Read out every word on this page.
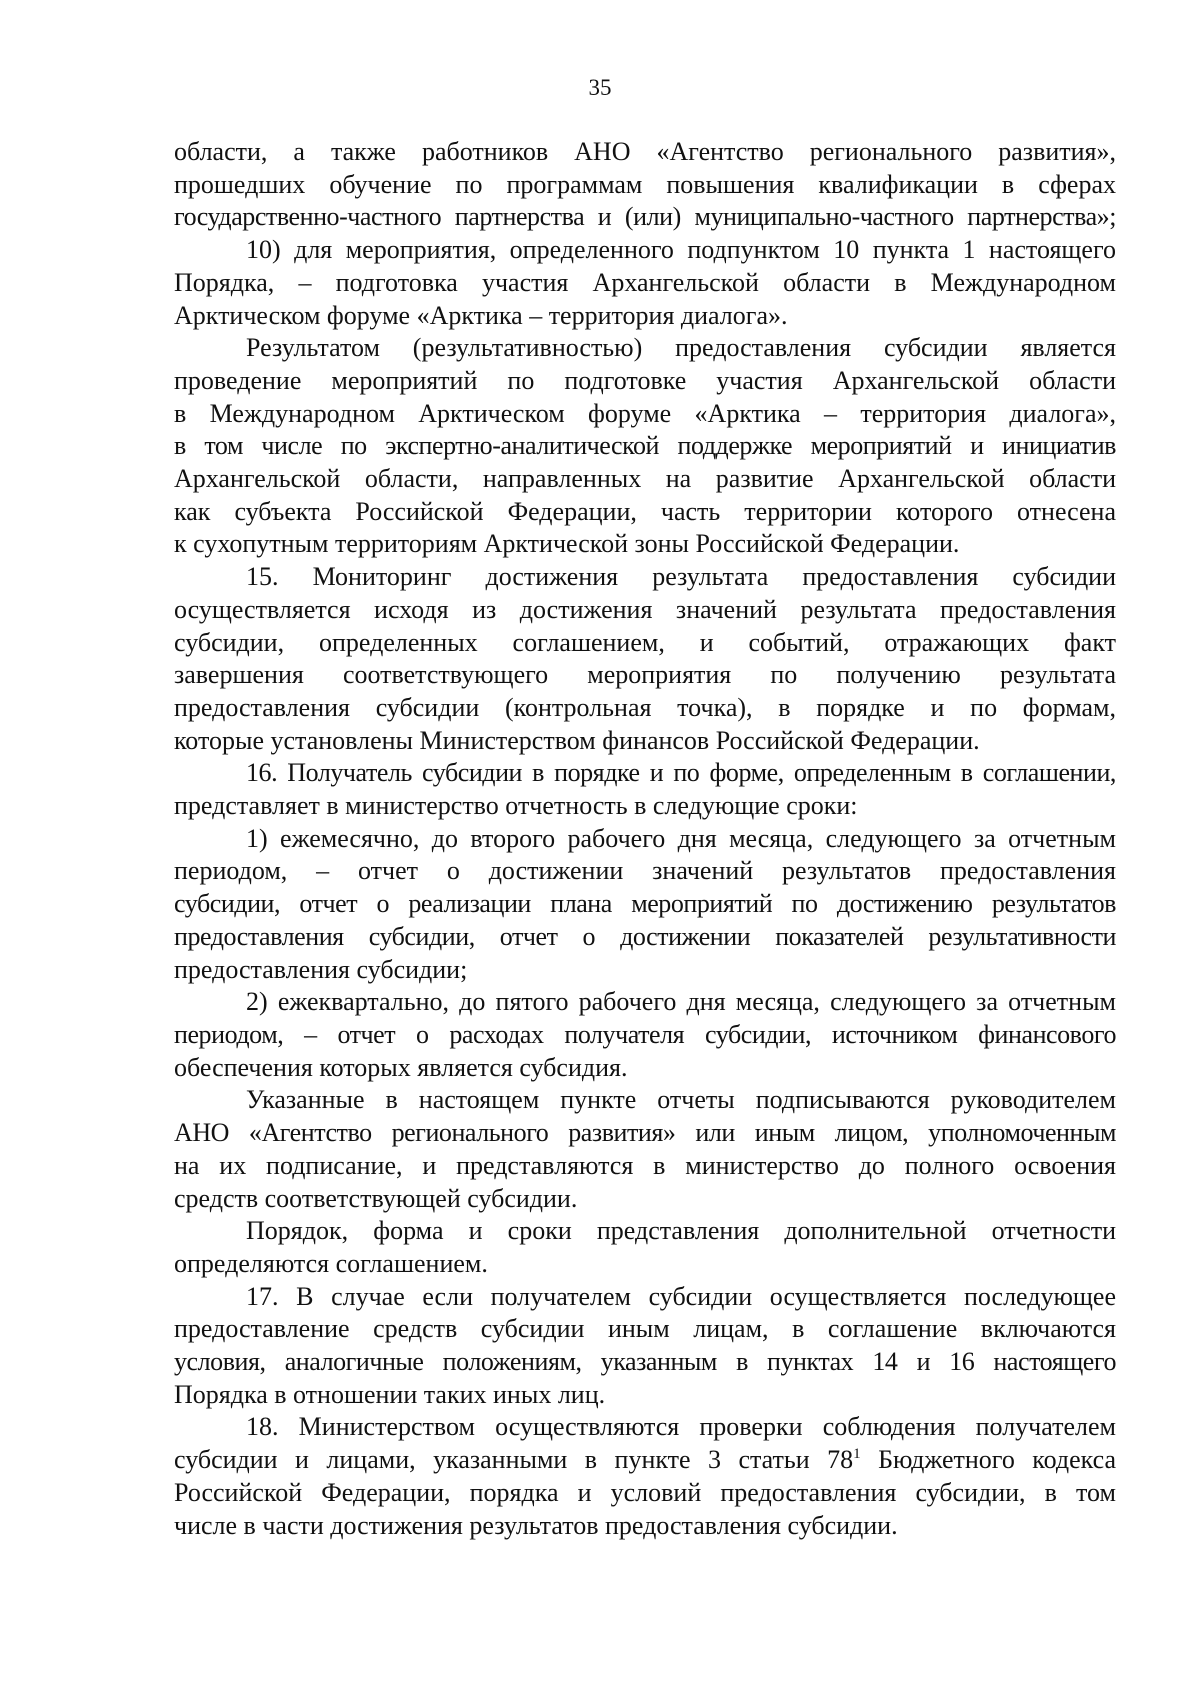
35
области, а также работников АНО «Агентство регионального развития»,
прошедших обучение по программам повышения квалификации в сферах
государственно-частного партнерства и (или) муниципально-частного партнерства»;
10) для мероприятия, определенного подпунктом 10 пункта 1 настоящего
Порядка, – подготовка участия Архангельской области в Международном
Арктическом форуме «Арктика – территория диалога».
Результатом (результативностью) предоставления субсидии является
проведение мероприятий по подготовке участия Архангельской области
в Международном Арктическом форуме «Арктика – территория диалога»,
в том числе по экспертно-аналитической поддержке мероприятий и инициатив
Архангельской области, направленных на развитие Архангельской области
как субъекта Российской Федерации, часть территории которого отнесена
к сухопутным территориям Арктической зоны Российской Федерации.
15. Мониторинг достижения результата предоставления субсидии
осуществляется исходя из достижения значений результата предоставления
субсидии, определенных соглашением, и событий, отражающих факт
завершения соответствующего мероприятия по получению результата
предоставления субсидии (контрольная точка), в порядке и по формам,
которые установлены Министерством финансов Российской Федерации.
16. Получатель субсидии в порядке и по форме, определенным в соглашении,
представляет в министерство отчетность в следующие сроки:
1) ежемесячно, до второго рабочего дня месяца, следующего за отчетным
периодом, – отчет о достижении значений результатов предоставления
субсидии, отчет о реализации плана мероприятий по достижению результатов
предоставления субсидии, отчет о достижении показателей результативности
предоставления субсидии;
2) ежеквартально, до пятого рабочего дня месяца, следующего за отчетным
периодом, – отчет о расходах получателя субсидии, источником финансового
обеспечения которых является субсидия.
Указанные в настоящем пункте отчеты подписываются руководителем
АНО «Агентство регионального развития» или иным лицом, уполномоченным
на их подписание, и представляются в министерство до полного освоения
средств соответствующей субсидии.
Порядок, форма и сроки представления дополнительной отчетности
определяются соглашением.
17. В случае если получателем субсидии осуществляется последующее
предоставление средств субсидии иным лицам, в соглашение включаются
условия, аналогичные положениям, указанным в пунктах 14 и 16 настоящего
Порядка в отношении таких иных лиц.
18. Министерством осуществляются проверки соблюдения получателем
субсидии и лицами, указанными в пункте 3 статьи $78^1$ Бюджетного кодекса
Российской Федерации, порядка и условий предоставления субсидии, в том
числе в части достижения результатов предоставления субсидии.
